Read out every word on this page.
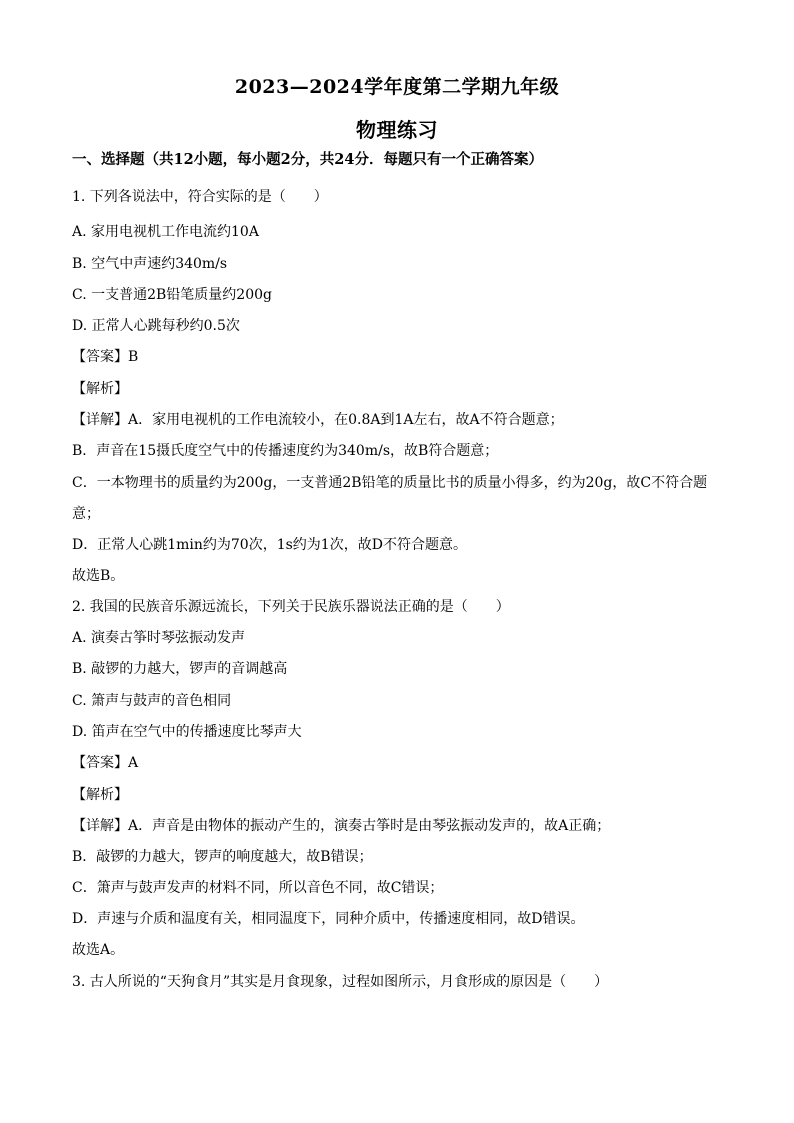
2023—2024学年度第二学期九年级
物理练习
一、选择题（共12小题，每小题2分，共24分．每题只有一个正确答案）
1. 下列各说法中，符合实际的是（　　）
A. 家用电视机工作电流约10A
B. 空气中声速约340m/s
C. 一支普通2B铅笔质量约200g
D. 正常人心跳每秒约0.5次
【答案】B
【解析】
【详解】A．家用电视机的工作电流较小，在0.8A到1A左右，故A不符合题意；
B．声音在15摄氏度空气中的传播速度约为340m/s，故B符合题意；
C．一本物理书的质量约为200g，一支普通2B铅笔的质量比书的质量小得多，约为20g，故C不符合题
意；
D．正常人心跳1min约为70次，1s约为1次，故D不符合题意。
故选B。
2. 我国的民族音乐源远流长，下列关于民族乐器说法正确的是（　　）
A. 演奏古筝时琴弦振动发声
B. 敲锣的力越大，锣声的音调越高
C. 箫声与鼓声的音色相同
D. 笛声在空气中的传播速度比琴声大
【答案】A
【解析】
【详解】A．声音是由物体的振动产生的，演奏古筝时是由琴弦振动发声的，故A正确；
B．敲锣的力越大，锣声的响度越大，故B错误；
C．箫声与鼓声发声的材料不同，所以音色不同，故C错误；
D．声速与介质和温度有关，相同温度下，同种介质中，传播速度相同，故D错误。
故选A。
3. 古人所说的“天狗食月”其实是月食现象，过程如图所示，月食形成的原因是（　　）
